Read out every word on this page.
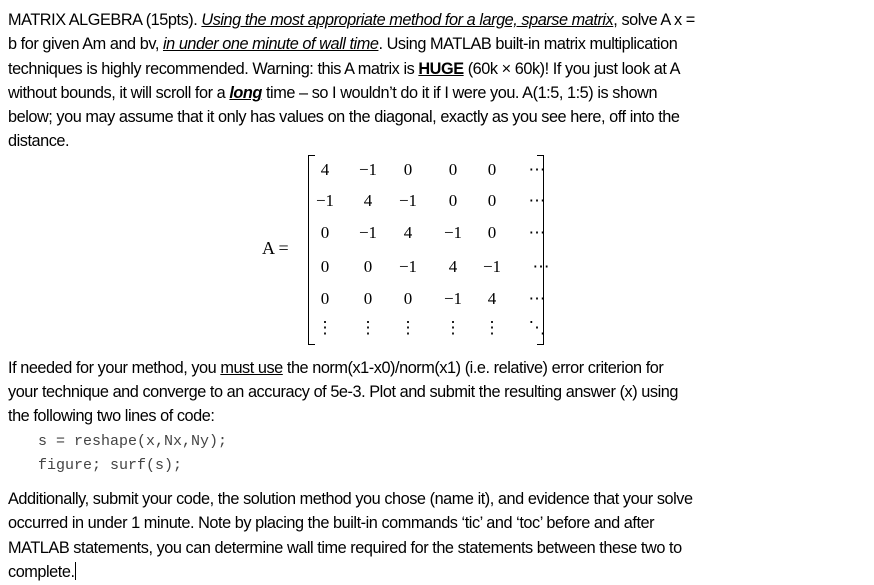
MATRIX ALGEBRA (15pts). Using the most appropriate method for a large, sparse matrix, solve A x =
b for given Am and bv, in under one minute of wall time. Using MATLAB built-in matrix multiplication
techniques is highly recommended. Warning: this A matrix is HUGE (60k × 60k)! If you just look at A
without bounds, it will scroll for a long time – so I wouldn’t do it if I were you. A(1:5, 1:5) is shown
below; you may assume that it only has values on the diagonal, exactly as you see here, off into the
distance.
A =
4	−1	0	0	0	⋯
−1	4	−1	0	0	⋯
0	−1	4	−1	0	⋯
0	0	−1	4	−1	⋯
0	0	0	−1	4	⋯
⋮	⋮	⋮	⋮	⋮	⋱
If needed for your method, you must use the norm(x1-x0)/norm(x1) (i.e. relative) error criterion for
your technique and converge to an accuracy of 5e-3. Plot and submit the resulting answer (x) using
the following two lines of code:
s = reshape(x,Nx,Ny);
figure; surf(s);
Additionally, submit your code, the solution method you chose (name it), and evidence that your solve
occurred in under 1 minute. Note by placing the built-in commands ‘tic’ and ‘toc’ before and after
MATLAB statements, you can determine wall time required for the statements between these two to
complete.
